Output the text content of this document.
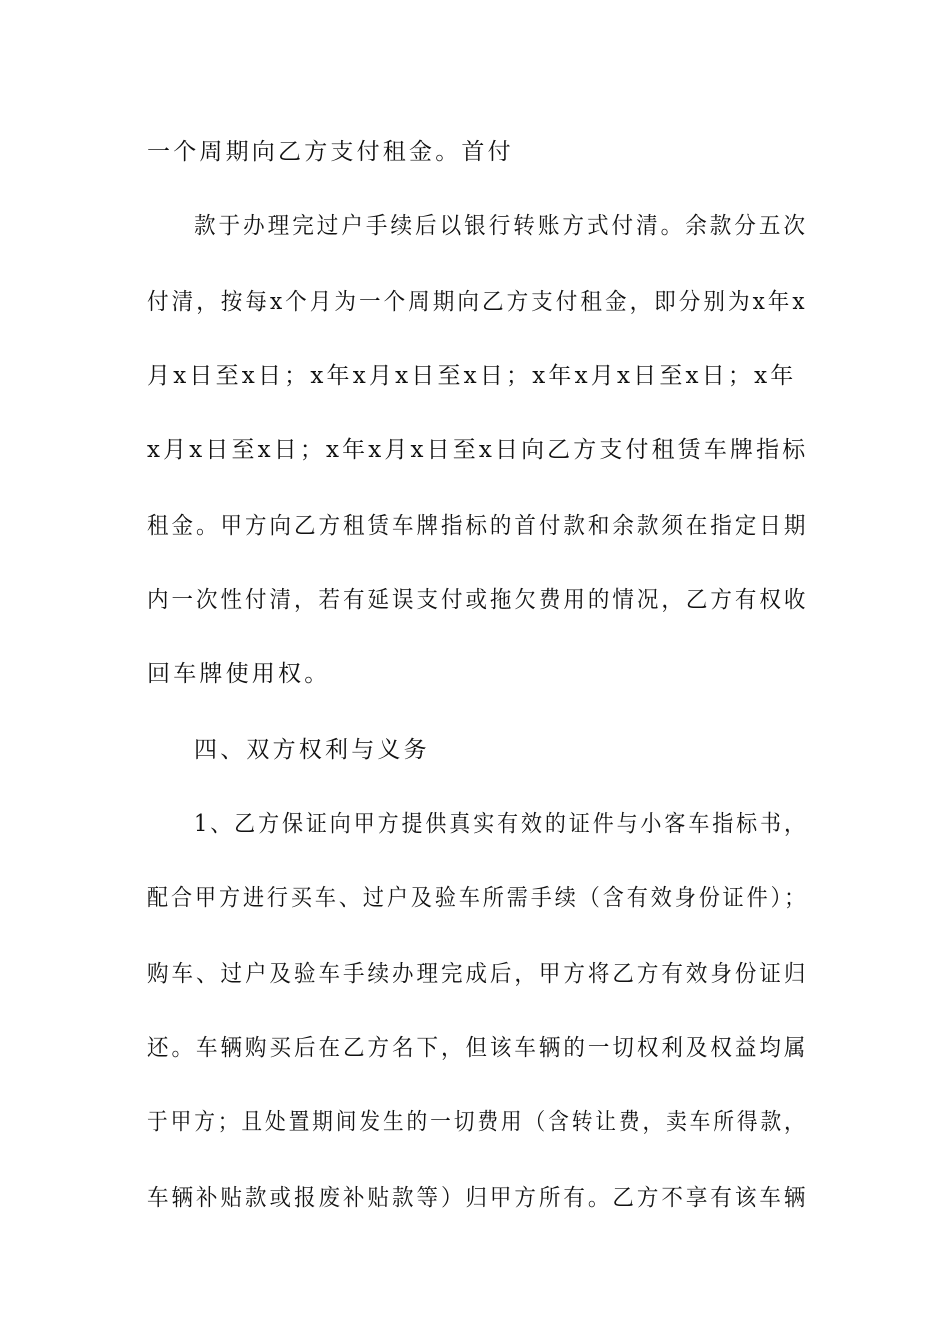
一个周期向乙方支付租金。首付
款于办理完过户手续后以银行转账方式付清。余款分五次
付清，按每x个月为一个周期向乙方支付租金，即分别为x年x
月x日至x日；x年x月x日至x日；x年x月x日至x日；x年
x月x日至x日；x年x月x日至x日向乙方支付租赁车牌指标
租金。甲方向乙方租赁车牌指标的首付款和余款须在指定日期
内一次性付清，若有延误支付或拖欠费用的情况，乙方有权收
回车牌使用权。
四、双方权利与义务
1、乙方保证向甲方提供真实有效的证件与小客车指标书，
配合甲方进行买车、过户及验车所需手续（含有效身份证件）；
购车、过户及验车手续办理完成后，甲方将乙方有效身份证归
还。车辆购买后在乙方名下，但该车辆的一切权利及权益均属
于甲方；且处置期间发生的一切费用（含转让费，卖车所得款，
车辆补贴款或报废补贴款等）归甲方所有。乙方不享有该车辆
